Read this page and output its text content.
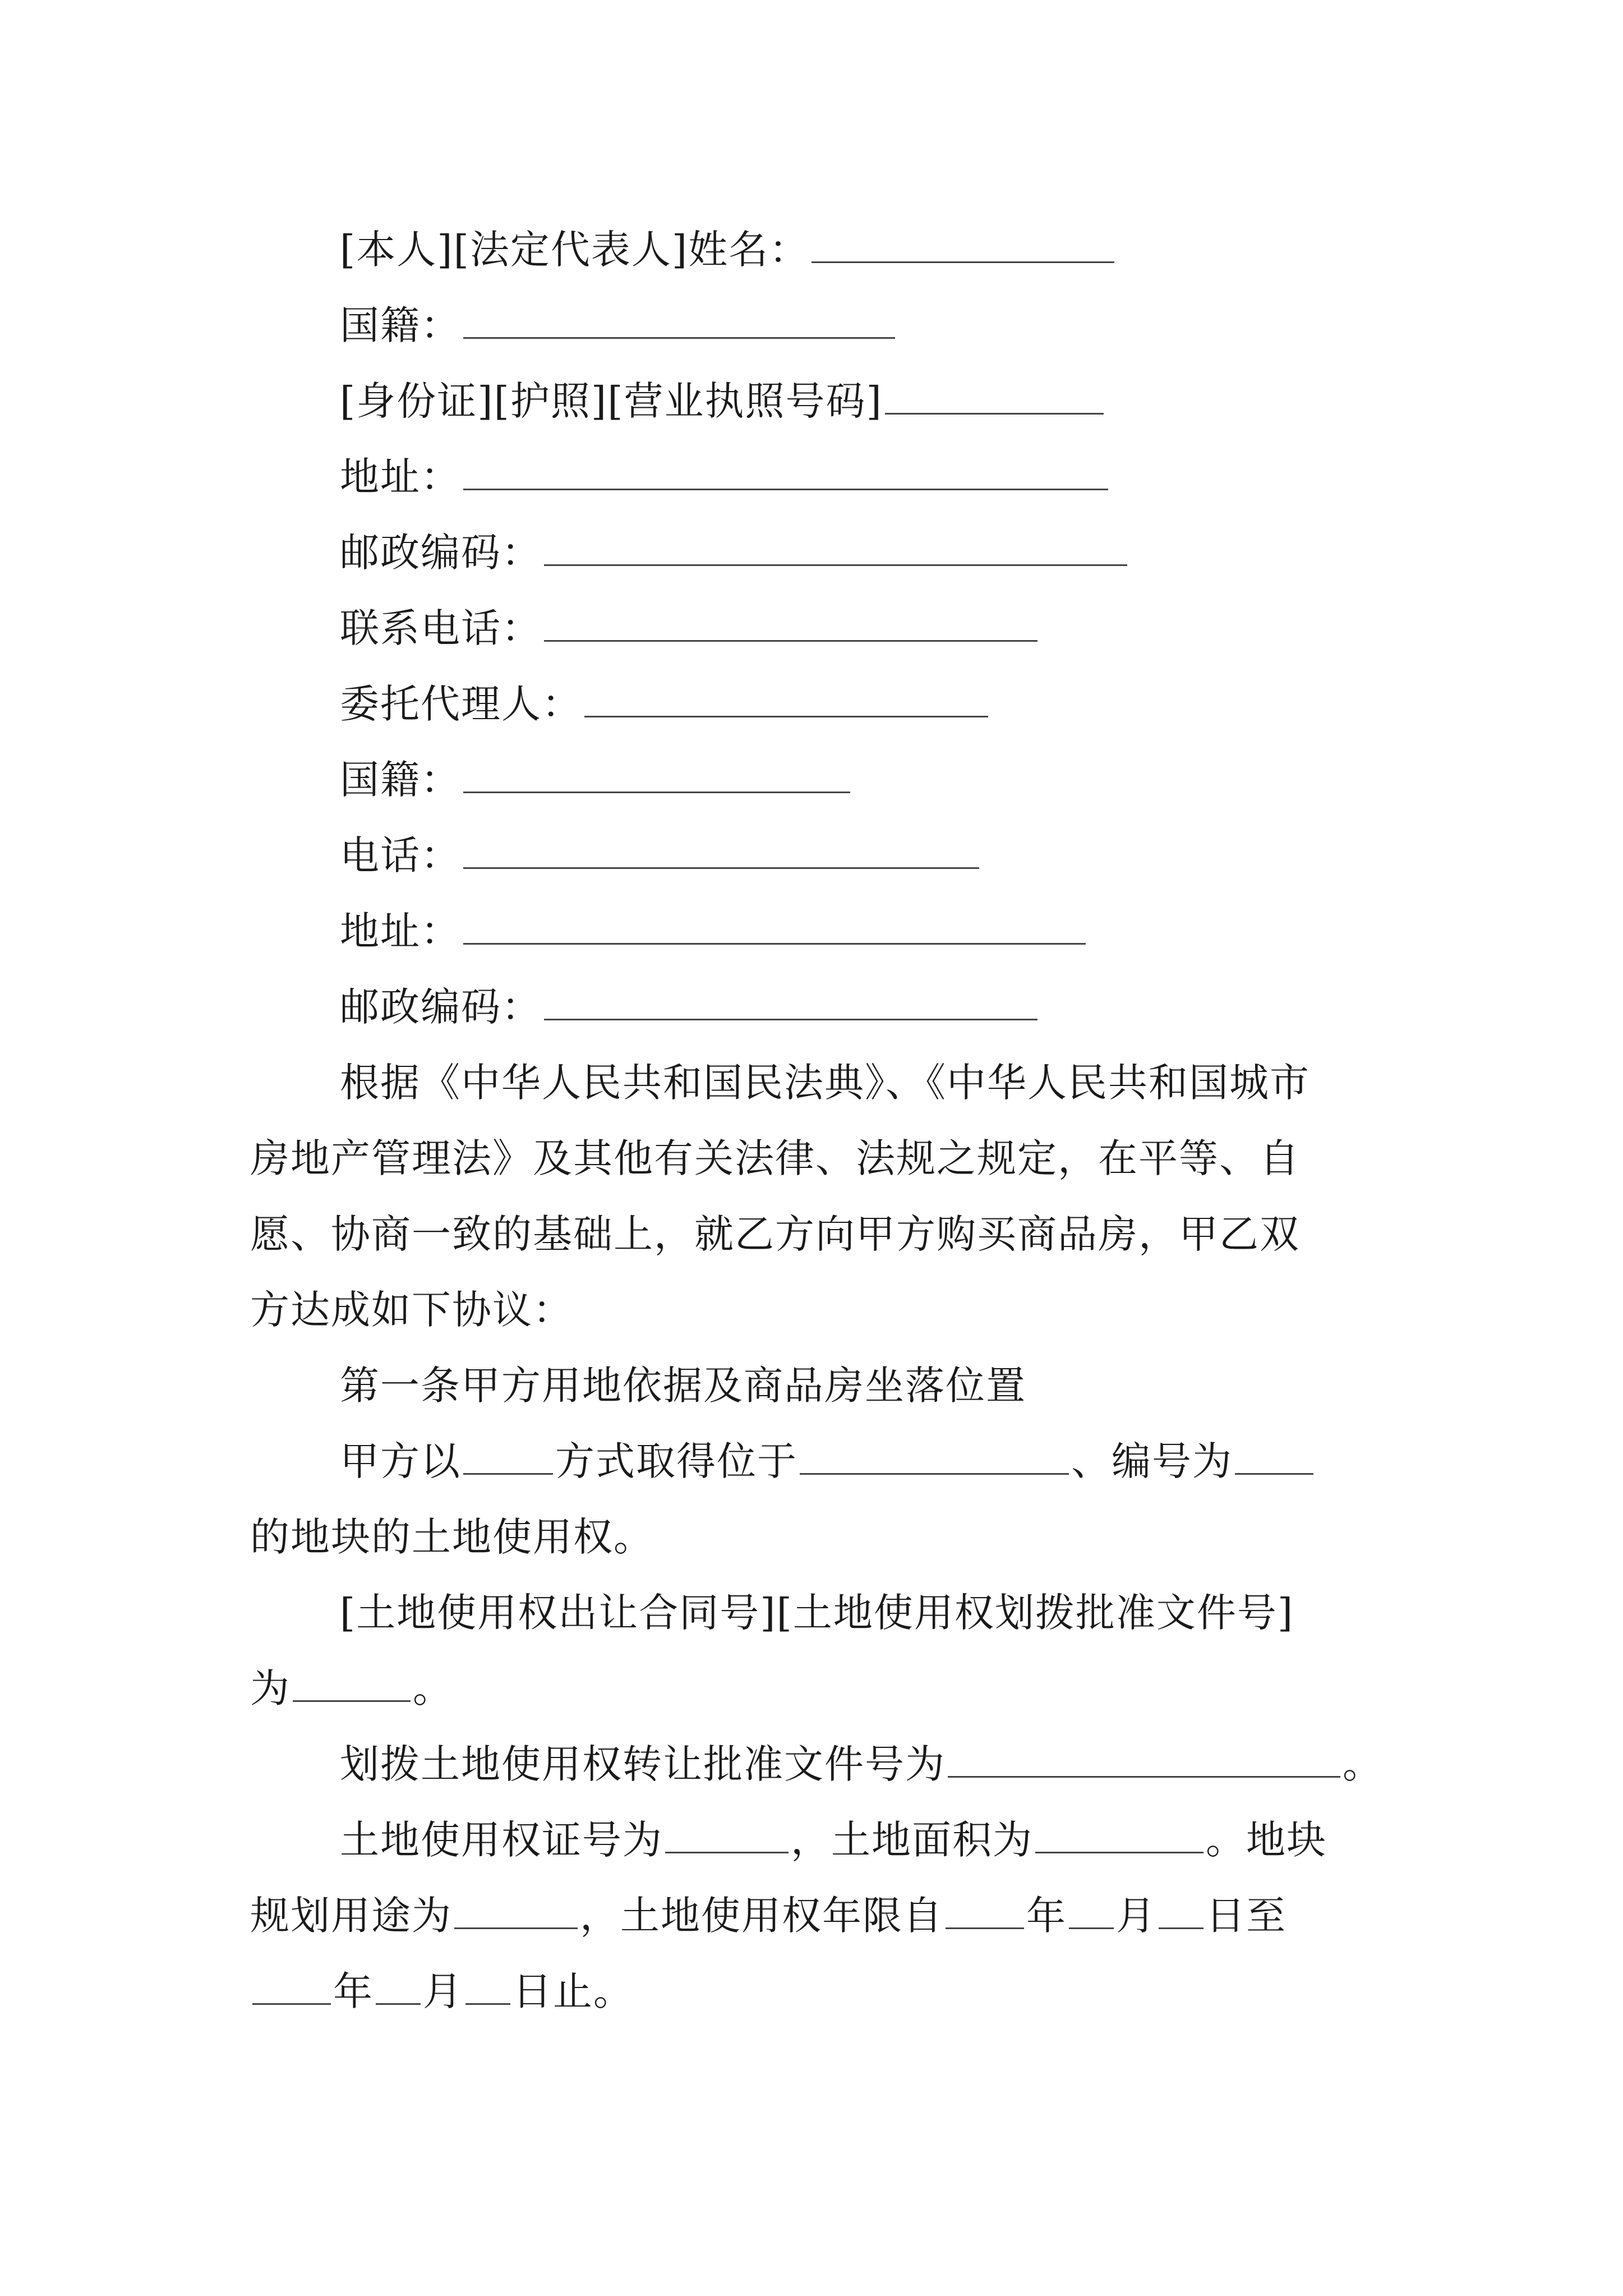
[本人][法定代表人]姓名：
国籍：
[身份证][护照][营业执照号码]
地址：
邮政编码：
联系电话：
委托代理人：
国籍：
电话：
地址：
邮政编码：
根据《中华人民共和国民法典》、《中华人民共和国城市
房地产管理法》及其他有关法律、法规之规定，在平等、自
愿、协商一致的基础上，就乙方向甲方购买商品房，甲乙双
方达成如下协议：
第一条甲方用地依据及商品房坐落位置
甲方以 方式取得位于	、编号为
的地块的土地使用权。
[土地使用权出让合同号][土地使用权划拨批准文件号]
为	。
划拨土地使用权转让批准文件号为	。
土地使用权证号为	，土地面积为	。地块
规划用途为	，土地使用权年限自 年 月 日至
年 月 日止。
